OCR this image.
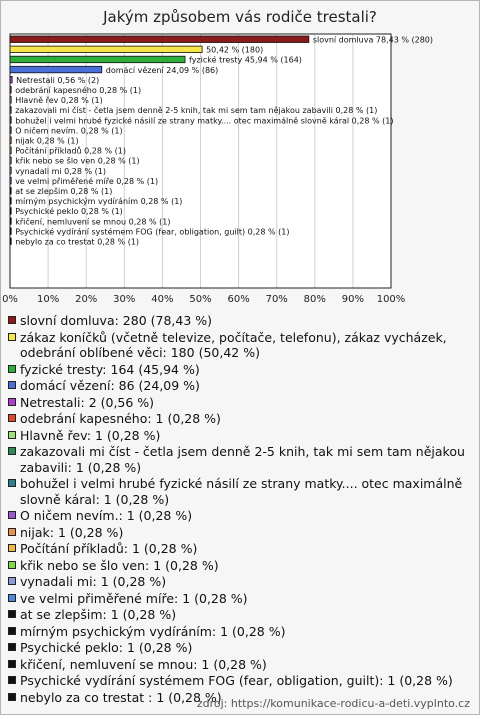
Jakým způsobem vás rodiče trestali?
0% 10% 20% 30% 40% 50% 60% 70% 80% 90% 100%
slovní domluva 78,43 % (280)
50,42 % (180)
fyzické tresty 45,94 % (164)
domácí vězení 24,09 % (86)
Netrestali 0,56 % (2)
odebrání kapesného 0,28 % (1)
Hlavně řev 0,28 % (1)
zakazovali mi číst - četla jsem denně 2-5 knih, tak mi sem tam nějakou zabavili 0,28 % (1)
bohužel i velmi hrubé fyzické násilí ze strany matky.... otec maximálně slovně káral 0,28 % (1)
O ničem nevím. 0,28 % (1)
nijak 0,28 % (1)
Počítání příkladů 0,28 % (1)
křik nebo se šlo ven 0,28 % (1)
vynadali mi 0,28 % (1)
ve velmi přiměřené míře 0,28 % (1)
at se zlepšim 0,28 % (1)
mírným psychickým vydíráním 0,28 % (1)
Psychické peklo 0,28 % (1)
křičení, nemluvení se mnou 0,28 % (1)
Psychické vydírání systémem FOG (fear, obligation, guilt) 0,28 % (1)
nebylo za co trestat 0,28 % (1)
slovní domluva: 280 (78,43 %)
zákaz koníčků (včetně televize, počítače, telefonu), zákaz vycházek, odebrání oblíbené věci: 180 (50,42 %)
fyzické tresty: 164 (45,94 %)
domácí vězení: 86 (24,09 %)
Netrestali: 2 (0,56 %)
odebrání kapesného: 1 (0,28 %)
Hlavně řev: 1 (0,28 %)
zakazovali mi číst - četla jsem denně 2-5 knih, tak mi sem tam nějakou zabavili: 1 (0,28 %)
bohužel i velmi hrubé fyzické násilí ze strany matky.... otec maximálně slovně káral: 1 (0,28 %)
O ničem nevím.: 1 (0,28 %)
nijak: 1 (0,28 %)
Počítání příkladů: 1 (0,28 %)
křik nebo se šlo ven: 1 (0,28 %)
vynadali mi: 1 (0,28 %)
ve velmi přiměřené míře: 1 (0,28 %)
at se zlepšim: 1 (0,28 %)
mírným psychickým vydíráním: 1 (0,28 %)
Psychické peklo: 1 (0,28 %)
křičení, nemluvení se mnou: 1 (0,28 %)
Psychické vydírání systémem FOG (fear, obligation, guilt): 1 (0,28 %)
nebylo za co trestat : 1 (0,28 %)
zdroj: https://komunikace-rodicu-a-deti.vyplnto.cz
